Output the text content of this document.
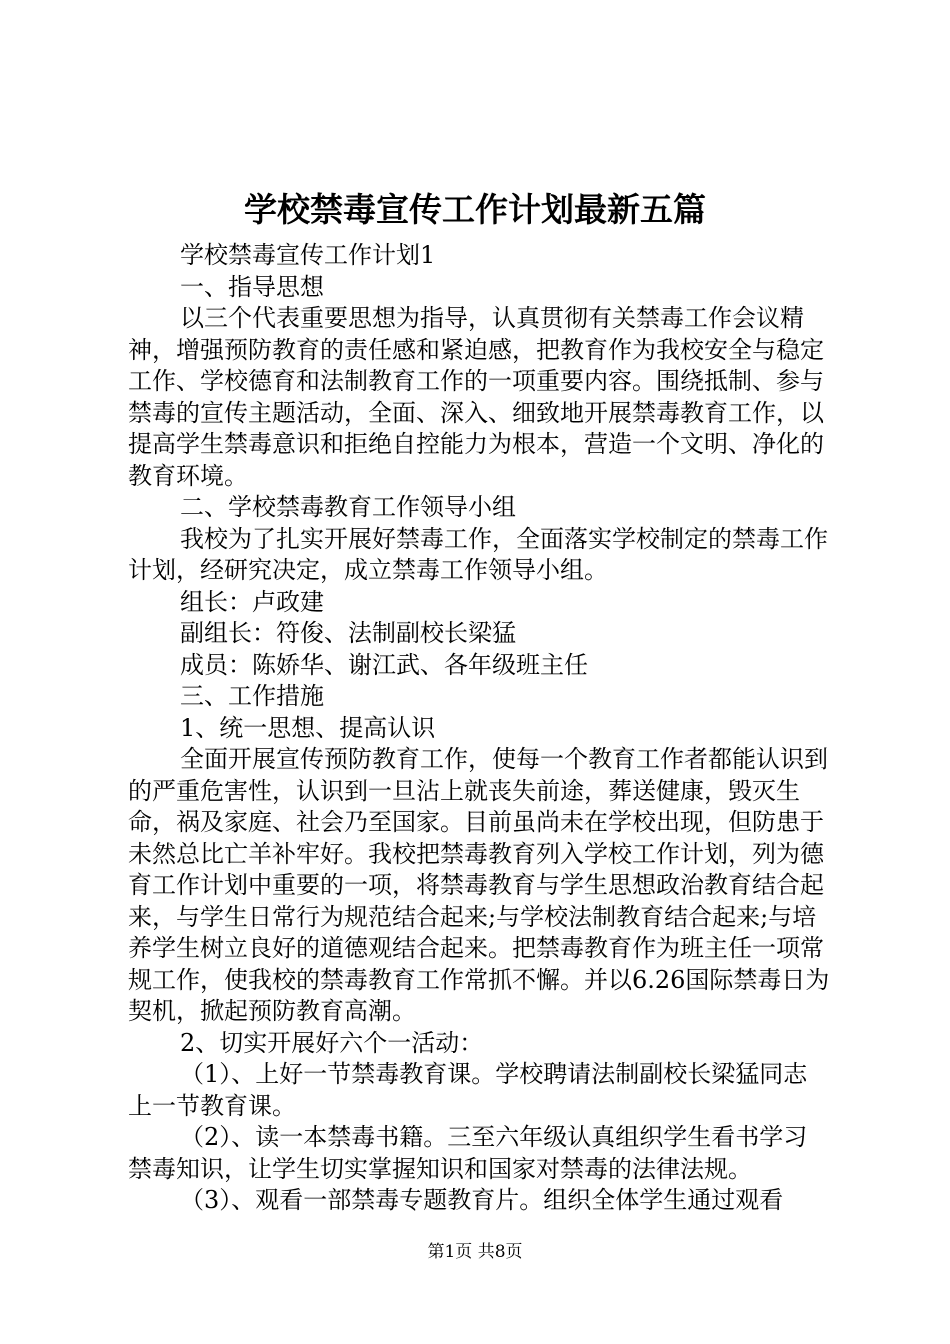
学校禁毒宣传工作计划最新五篇

学校禁毒宣传工作计划1

一、指导思想

以三个代表重要思想为指导，认真贯彻有关禁毒工作会议精神，增强预防教育的责任感和紧迫感，把教育作为我校安全与稳定工作、学校德育和法制教育工作的一项重要内容。围绕抵制、参与禁毒的宣传主题活动，全面、深入、细致地开展禁毒教育工作，以提高学生禁毒意识和拒绝自控能力为根本，营造一个文明、净化的教育环境。

二、学校禁毒教育工作领导小组

我校为了扎实开展好禁毒工作，全面落实学校制定的禁毒工作计划，经研究决定，成立禁毒工作领导小组。

组长：卢政建

副组长：符俊、法制副校长梁猛

成员：陈娇华、谢江武、各年级班主任

三、工作措施

1、统一思想、提高认识

全面开展宣传预防教育工作，使每一个教育工作者都能认识到的严重危害性，认识到一旦沾上就丧失前途，葬送健康，毁灭生命，祸及家庭、社会乃至国家。目前虽尚未在学校出现，但防患于未然总比亡羊补牢好。我校把禁毒教育列入学校工作计划，列为德育工作计划中重要的一项，将禁毒教育与学生思想政治教育结合起来，与学生日常行为规范结合起来;与学校法制教育结合起来;与培养学生树立良好的道德观结合起来。把禁毒教育作为班主任一项常规工作，使我校的禁毒教育工作常抓不懈。并以6.26国际禁毒日为契机，掀起预防教育高潮。

2、切实开展好六个一活动：

（1）、上好一节禁毒教育课。学校聘请法制副校长梁猛同志上一节教育课。

（2）、读一本禁毒书籍。三至六年级认真组织学生看书学习禁毒知识，让学生切实掌握知识和国家对禁毒的法律法规。

（3）、观看一部禁毒专题教育片。组织全体学生通过观看

第1页 共8页
